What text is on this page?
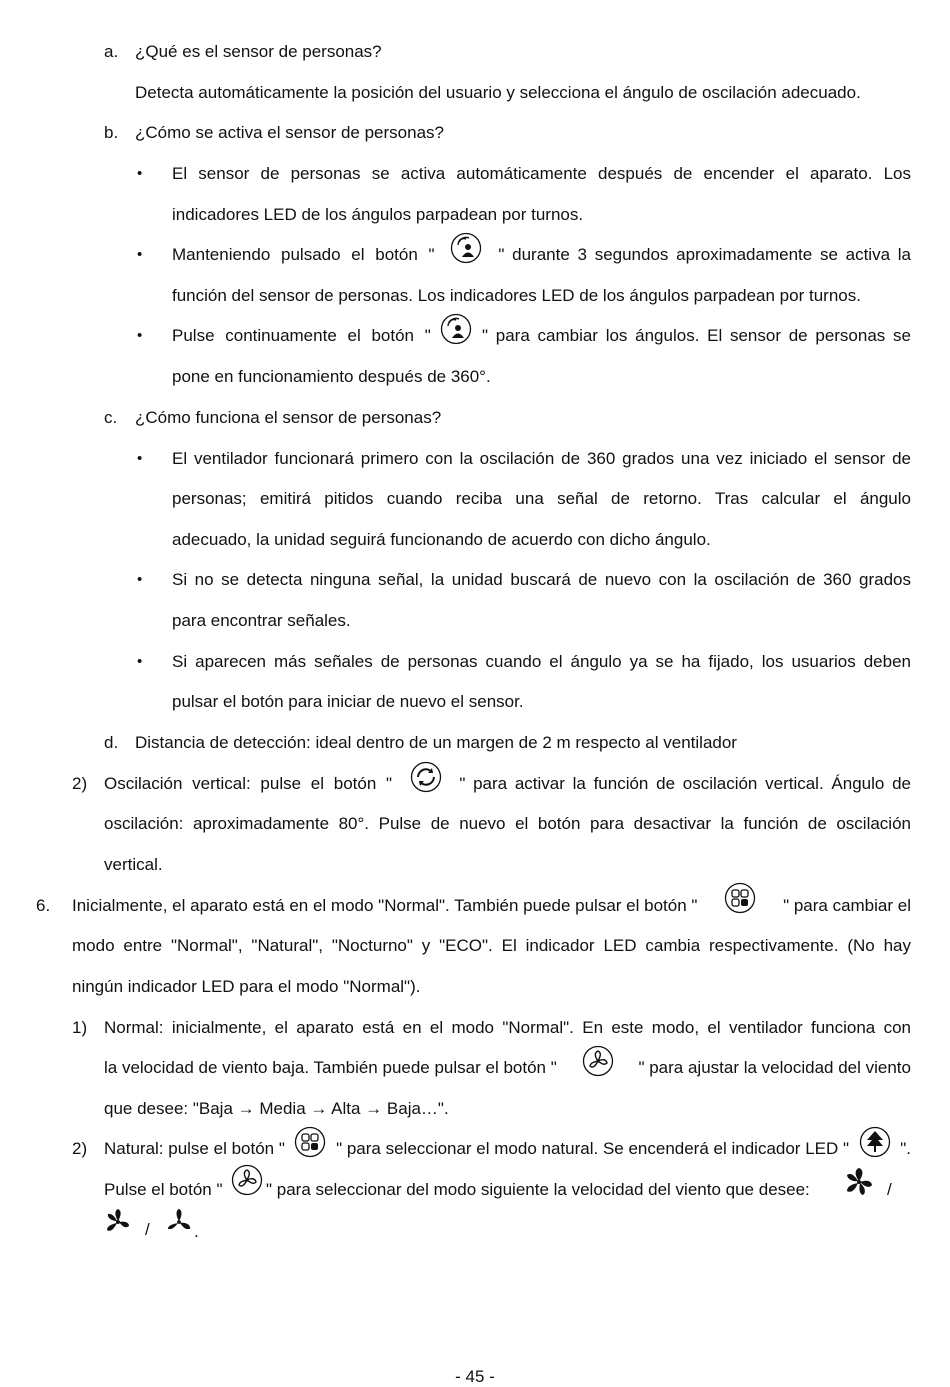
a. ¿Qué es el sensor de personas?
Detecta automáticamente la posición del usuario y selecciona el ángulo de oscilación adecuado.
b. ¿Cómo se activa el sensor de personas?
• El sensor de personas se activa automáticamente después de encender el aparato. Los
indicadores LED de los ángulos parpadean por turnos.
• Manteniendo pulsado el botón "	" durante 3 segundos aproximadamente se activa la
función del sensor de personas. Los indicadores LED de los ángulos parpadean por turnos.
• Pulse continuamente el botón "	" para cambiar los ángulos. El sensor de personas se
pone en funcionamiento después de 360°.
c. ¿Cómo funciona el sensor de personas?
• El ventilador funcionará primero con la oscilación de 360 grados una vez iniciado el sensor de
personas; emitirá pitidos cuando reciba una señal de retorno. Tras calcular el ángulo
adecuado, la unidad seguirá funcionando de acuerdo con dicho ángulo.
• Si no se detecta ninguna señal, la unidad buscará de nuevo con la oscilación de 360 grados
para encontrar señales.
• Si aparecen más señales de personas cuando el ángulo ya se ha fijado, los usuarios deben
pulsar el botón para iniciar de nuevo el sensor.
d. Distancia de detección: ideal dentro de un margen de 2 m respecto al ventilador
2) Oscilación vertical: pulse el botón "	" para activar la función de oscilación vertical. Ángulo de
oscilación: aproximadamente 80°. Pulse de nuevo el botón para desactivar la función de oscilación
vertical.
6. Inicialmente, el aparato está en el modo "Normal". También puede pulsar el botón "	" para cambiar el
modo entre "Normal", "Natural", "Nocturno" y "ECO". El indicador LED cambia respectivamente. (No hay
ningún indicador LED para el modo "Normal").
1) Normal: inicialmente, el aparato está en el modo "Normal". En este modo, el ventilador funciona con
la velocidad de viento baja. También puede pulsar el botón "	" para ajustar la velocidad del viento
que desee: "Baja → Media → Alta → Baja…".
2) Natural: pulse el botón "	" para seleccionar el modo natural. Se encenderá el indicador LED "	".
Pulse el botón "	" para seleccionar del modo siguiente la velocidad del viento que desee:	/
/	.
- 45 -
